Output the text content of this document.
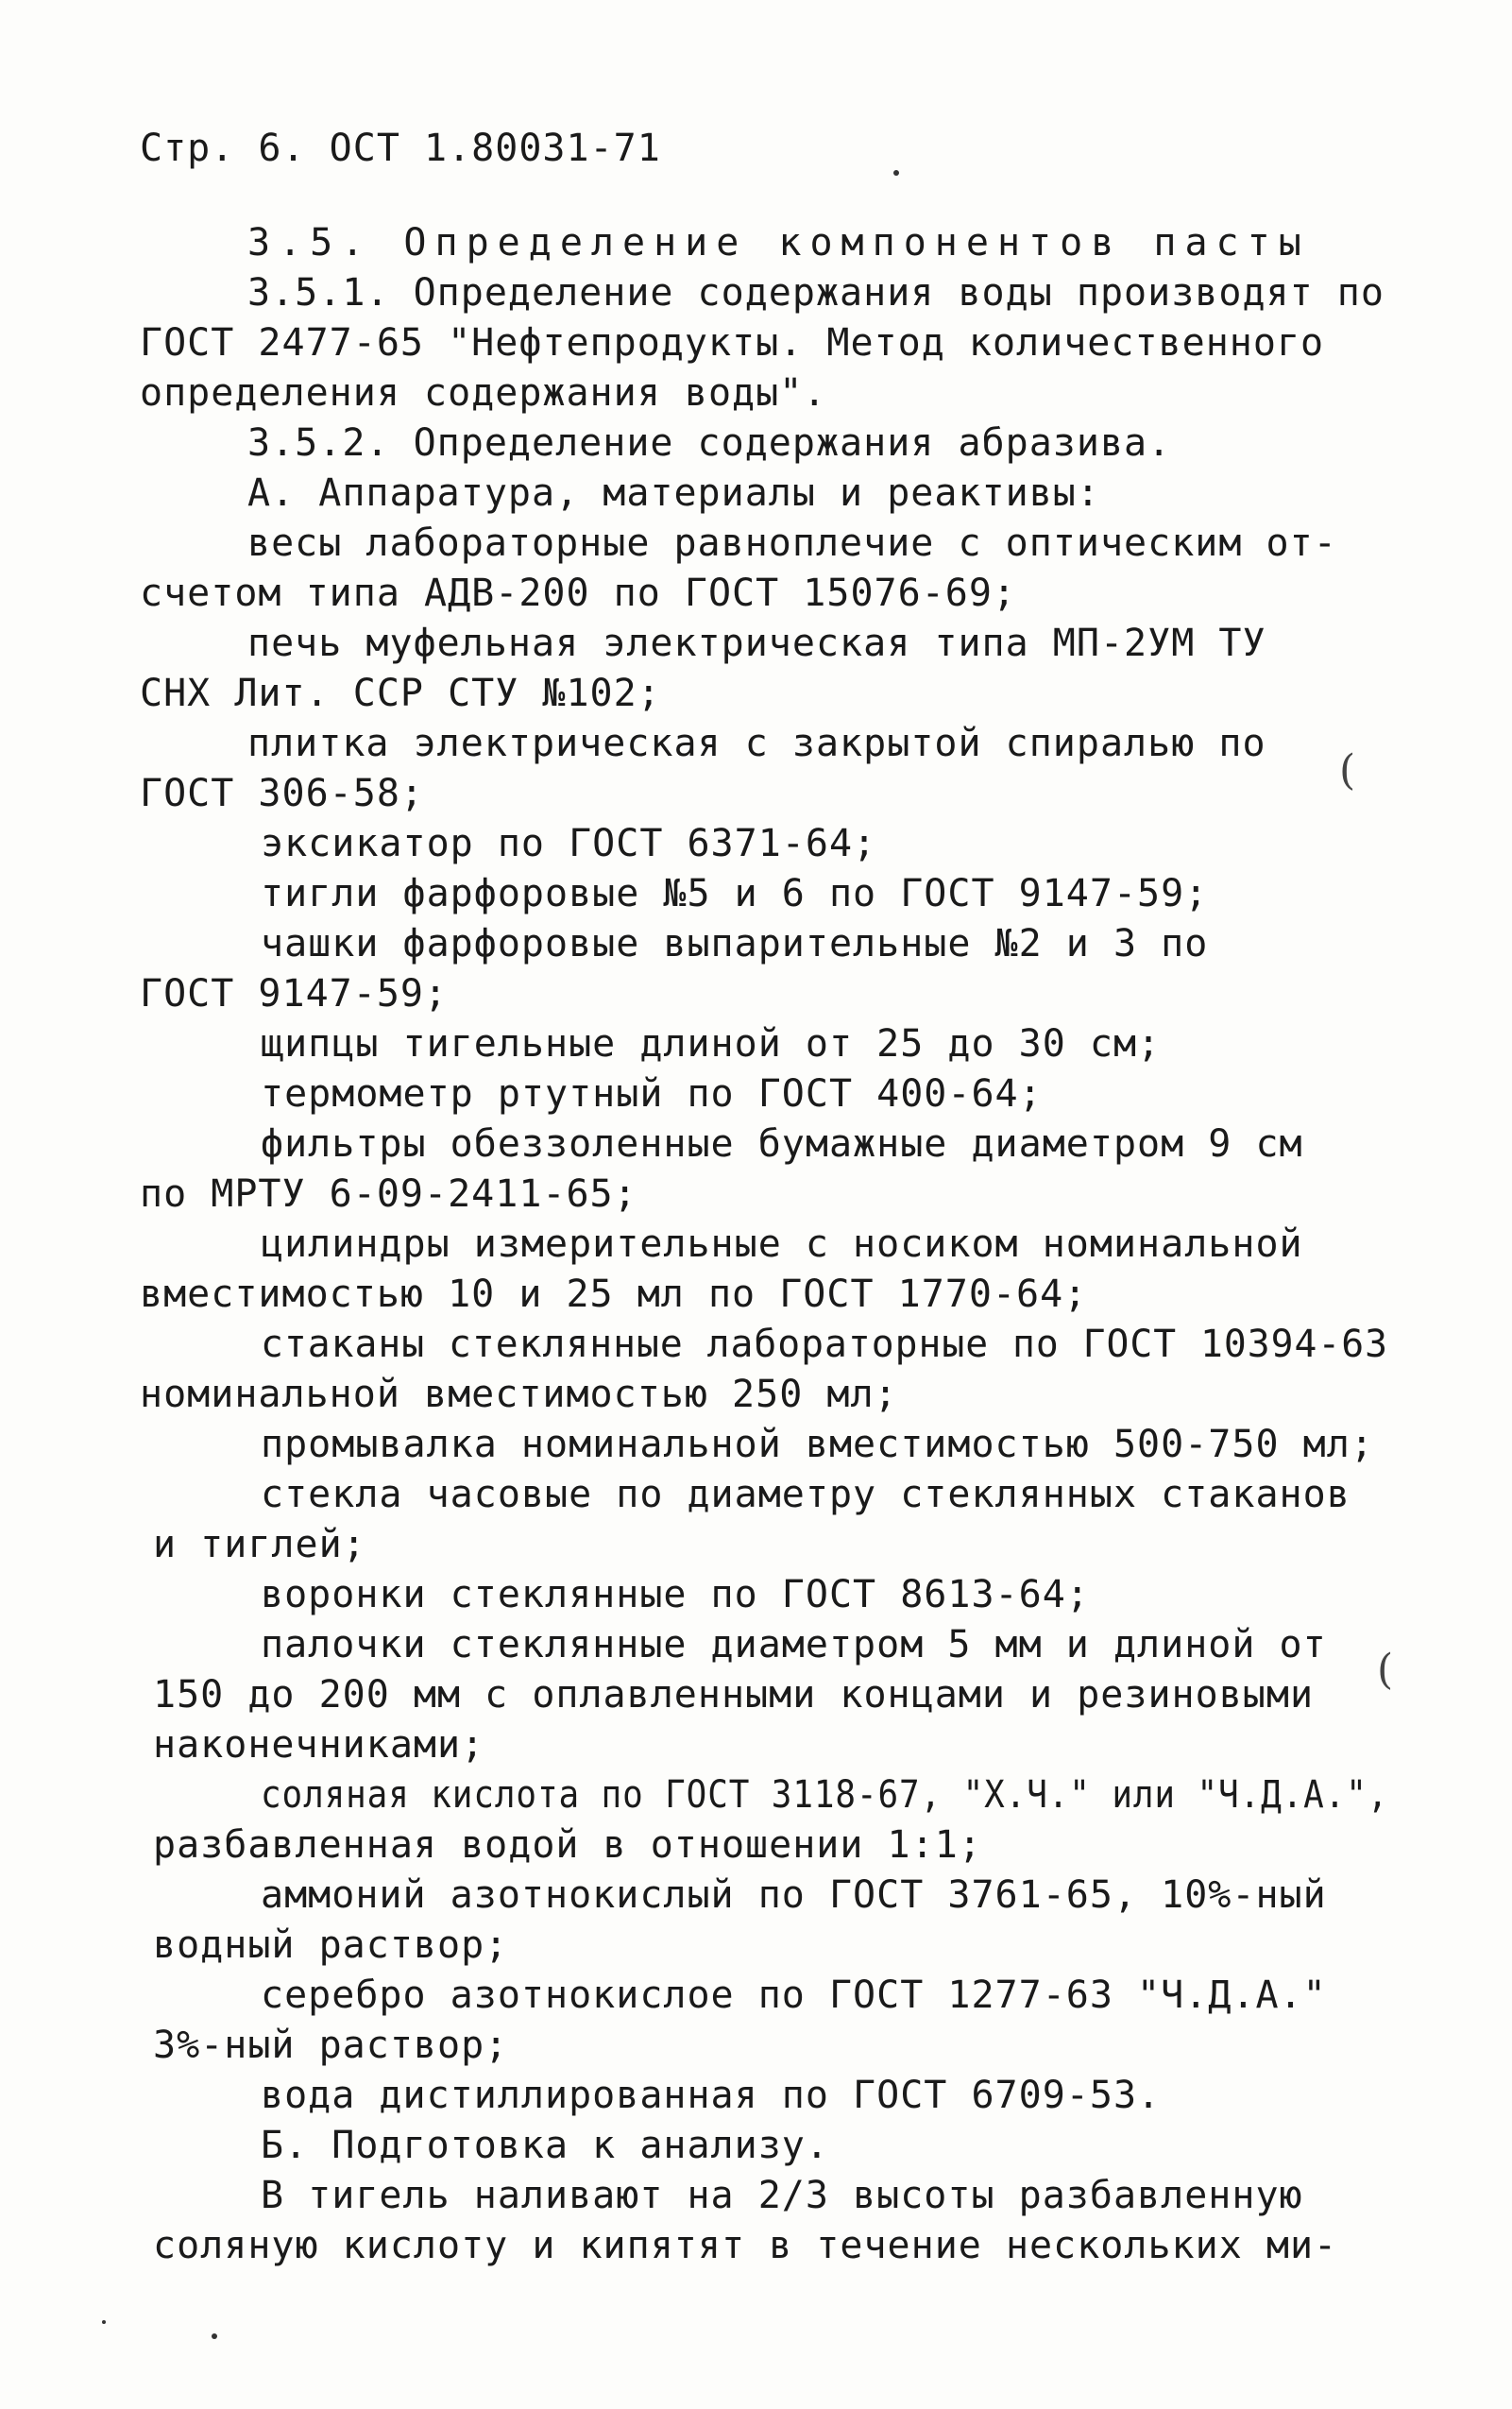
Стр. 6. ОСТ 1.80031-71
3.5. Определение компонентов пасты
3.5.1. Определение содержания воды производят по
ГОСТ 2477-65 "Нефтепродукты. Метод количественного
определения содержания воды".
3.5.2. Определение содержания абразива.
А. Аппаратура, материалы и реактивы:
весы лабораторные равноплечие с оптическим от-
счетом типа АДВ-200 по ГОСТ 15076-69;
печь муфельная электрическая типа МП-2УМ ТУ
СНХ Лит. ССР СТУ №102;
плитка электрическая с закрытой спиралью по
ГОСТ 306-58;	(
эксикатор по ГОСТ 6371-64;
тигли фарфоровые №5 и 6 по ГОСТ 9147-59;
чашки фарфоровые выпарительные №2 и 3 по
ГОСТ 9147-59;
щипцы тигельные длиной от 25 до 30 см;
термометр ртутный по ГОСТ 400-64;
фильтры обеззоленные бумажные диаметром 9 см
по МРТУ 6-09-2411-65;
цилиндры измерительные с носиком номинальной
вместимостью 10 и 25 мл по ГОСТ 1770-64;
стаканы стеклянные лабораторные по ГОСТ 10394-63
номинальной вместимостью 250 мл;
промывалка номинальной вместимостью 500-750 мл;
стекла часовые по диаметру стеклянных стаканов
и тиглей;
воронки стеклянные по ГОСТ 8613-64;
палочки стеклянные диаметром 5 мм и длиной от
150 до 200 мм с оплавленными концами и резиновыми
(
наконечниками;
соляная кислота по ГОСТ 3118-67, "Х.Ч." или "Ч.Д.А.",
разбавленная водой в отношении 1:1;
аммоний азотнокислый по ГОСТ 3761-65, 10%-ный
водный раствор;
серебро азотнокислое по ГОСТ 1277-63 "Ч.Д.А."
3%-ный раствор;
вода дистиллированная по ГОСТ 6709-53.
Б. Подготовка к анализу.
В тигель наливают на 2/3 высоты разбавленную
соляную кислоту и кипятят в течение нескольких ми-
